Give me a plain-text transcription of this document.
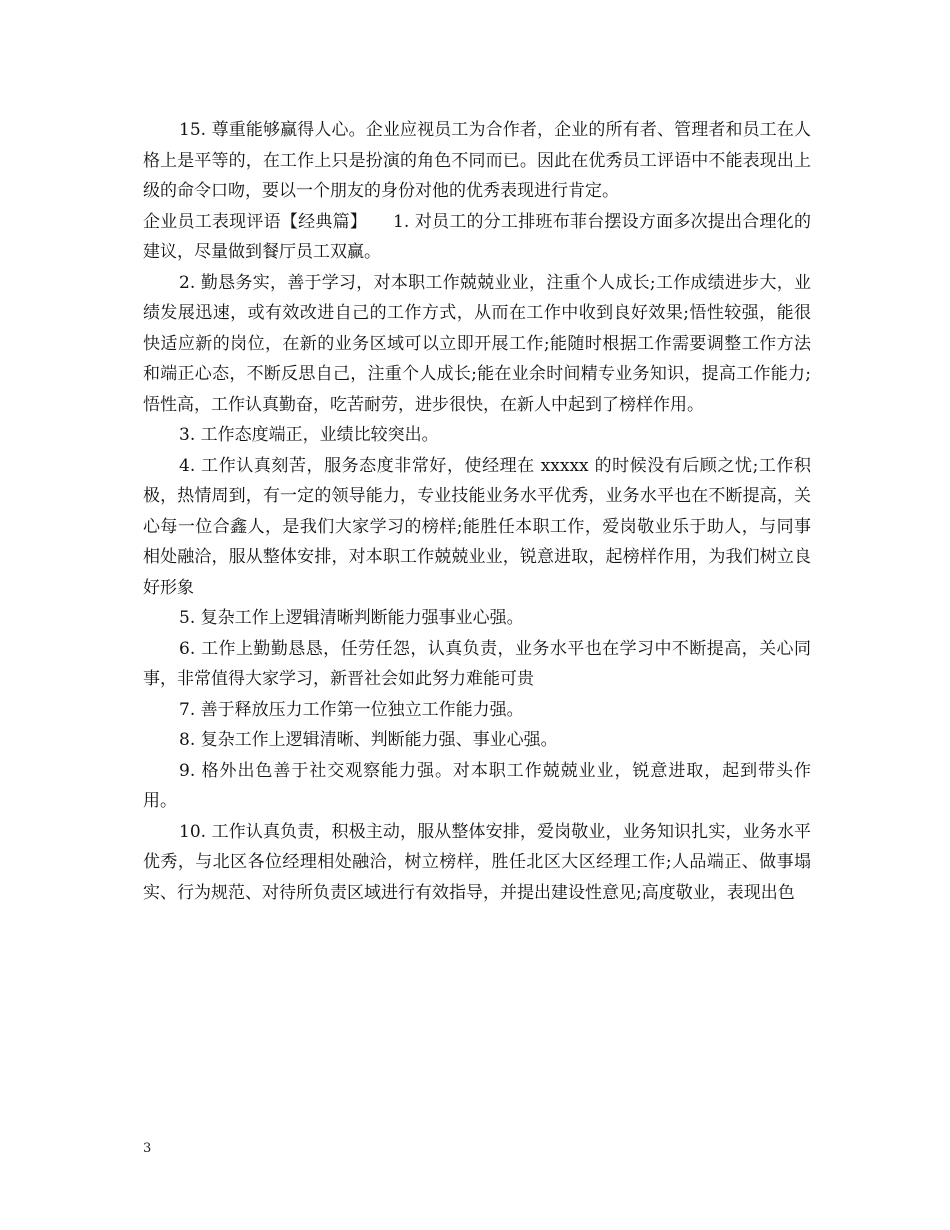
15. 尊重能够赢得人心。企业应视员工为合作者，企业的所有者、管理者和员工在人格上是平等的，在工作上只是扮演的角色不同而已。因此在优秀员工评语中不能表现出上级的命令口吻，要以一个朋友的身份对他的优秀表现进行肯定。

企业员工表现评语【经典篇】　　1. 对员工的分工排班布菲台摆设方面多次提出合理化的建议，尽量做到餐厅员工双赢。

2. 勤恳务实，善于学习，对本职工作兢兢业业，注重个人成长;工作成绩进步大，业绩发展迅速，或有效改进自己的工作方式，从而在工作中收到良好效果;悟性较强，能很快适应新的岗位，在新的业务区域可以立即开展工作;能随时根据工作需要调整工作方法和端正心态，不断反思自己，注重个人成长;能在业余时间精专业务知识，提高工作能力;悟性高，工作认真勤奋，吃苦耐劳，进步很快，在新人中起到了榜样作用。

3. 工作态度端正，业绩比较突出。

4. 工作认真刻苦，服务态度非常好，使经理在 xxxxx 的时候没有后顾之忧;工作积极，热情周到，有一定的领导能力，专业技能业务水平优秀，业务水平也在不断提高，关心每一位合鑫人，是我们大家学习的榜样;能胜任本职工作，爱岗敬业乐于助人，与同事相处融洽，服从整体安排，对本职工作兢兢业业，锐意进取，起榜样作用，为我们树立良好形象

5. 复杂工作上逻辑清晰判断能力强事业心强。

6. 工作上勤勤恳恳，任劳任怨，认真负责，业务水平也在学习中不断提高，关心同事，非常值得大家学习，新晋社会如此努力难能可贵

7. 善于释放压力工作第一位独立工作能力强。

8. 复杂工作上逻辑清晰、判断能力强、事业心强。

9. 格外出色善于社交观察能力强。对本职工作兢兢业业，锐意进取，起到带头作用。

10. 工作认真负责，积极主动，服从整体安排，爱岗敬业，业务知识扎实，业务水平优秀，与北区各位经理相处融洽，树立榜样，胜任北区大区经理工作;人品端正、做事塌实、行为规范、对待所负责区域进行有效指导，并提出建设性意见;高度敬业，表现出色

3
